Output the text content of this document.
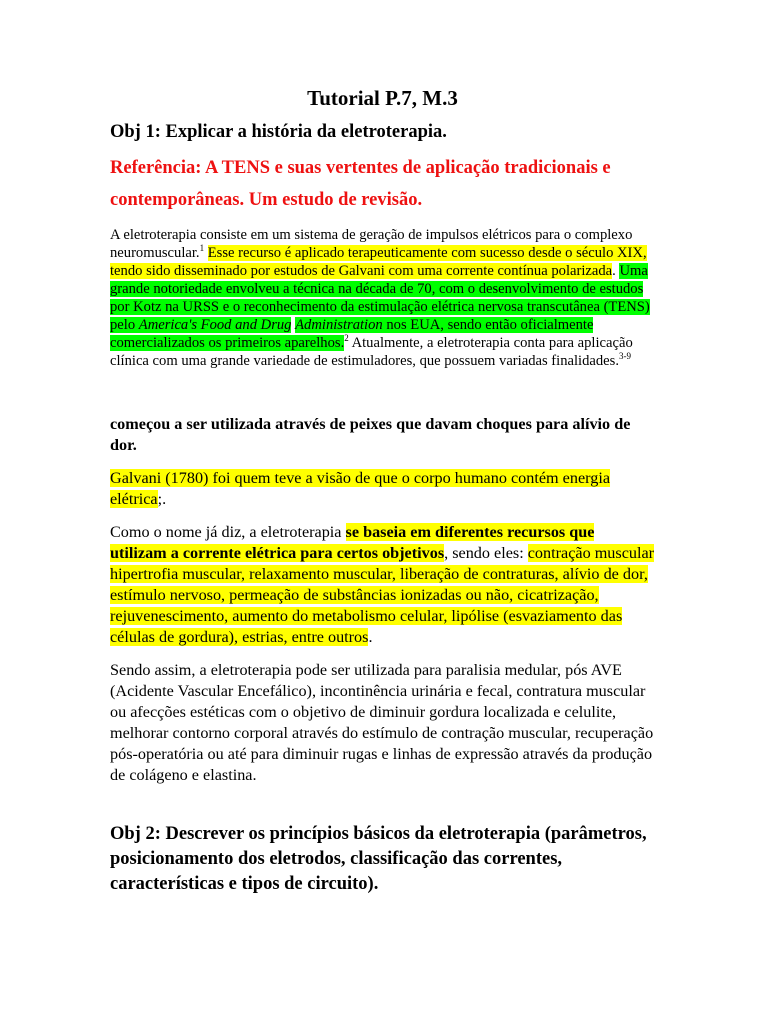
Tutorial P.7, M.3
Obj 1: Explicar a história da eletroterapia.

Referência: A TENS e suas vertentes de aplicação tradicionais e contemporâneas. Um estudo de revisão.

A eletroterapia consiste em um sistema de geração de impulsos elétricos para o complexo neuromuscular.$^1$ Esse recurso é aplicado terapeuticamente com sucesso desde o século XIX, tendo sido disseminado por estudos de Galvani com uma corrente contínua polarizada. Uma grande notoriedade envolveu a técnica na década de 70, com o desenvolvimento de estudos por Kotz na URSS e o reconhecimento da estimulação elétrica nervosa transcutânea (TENS) pelo America's Food and Drug Administration nos EUA, sendo então oficialmente comercializados os primeiros aparelhos.$^2$ Atualmente, a eletroterapia conta para aplicação clínica com uma grande variedade de estimuladores, que possuem variadas finalidades.$^{3-9}$

começou a ser utilizada através de peixes que davam choques para alívio de dor.

Galvani (1780) foi quem teve a visão de que o corpo humano contém energia elétrica;.

Como o nome já diz, a eletroterapia se baseia em diferentes recursos que utilizam a corrente elétrica para certos objetivos, sendo eles: contração muscular hipertrofia muscular, relaxamento muscular, liberação de contraturas, alívio de dor, estímulo nervoso, permeação de substâncias ionizadas ou não, cicatrização, rejuvenescimento, aumento do metabolismo celular, lipólise (esvaziamento das células de gordura), estrias, entre outros.

Sendo assim, a eletroterapia pode ser utilizada para paralisia medular, pós AVE (Acidente Vascular Encefálico), incontinência urinária e fecal, contratura muscular ou afecções estéticas com o objetivo de diminuir gordura localizada e celulite, melhorar contorno corporal através do estímulo de contração muscular, recuperação pós-operatória ou até para diminuir rugas e linhas de expressão através da produção de colágeno e elastina.

Obj 2: Descrever os princípios básicos da eletroterapia (parâmetros, posicionamento dos eletrodos, classificação das correntes, características e tipos de circuito).
